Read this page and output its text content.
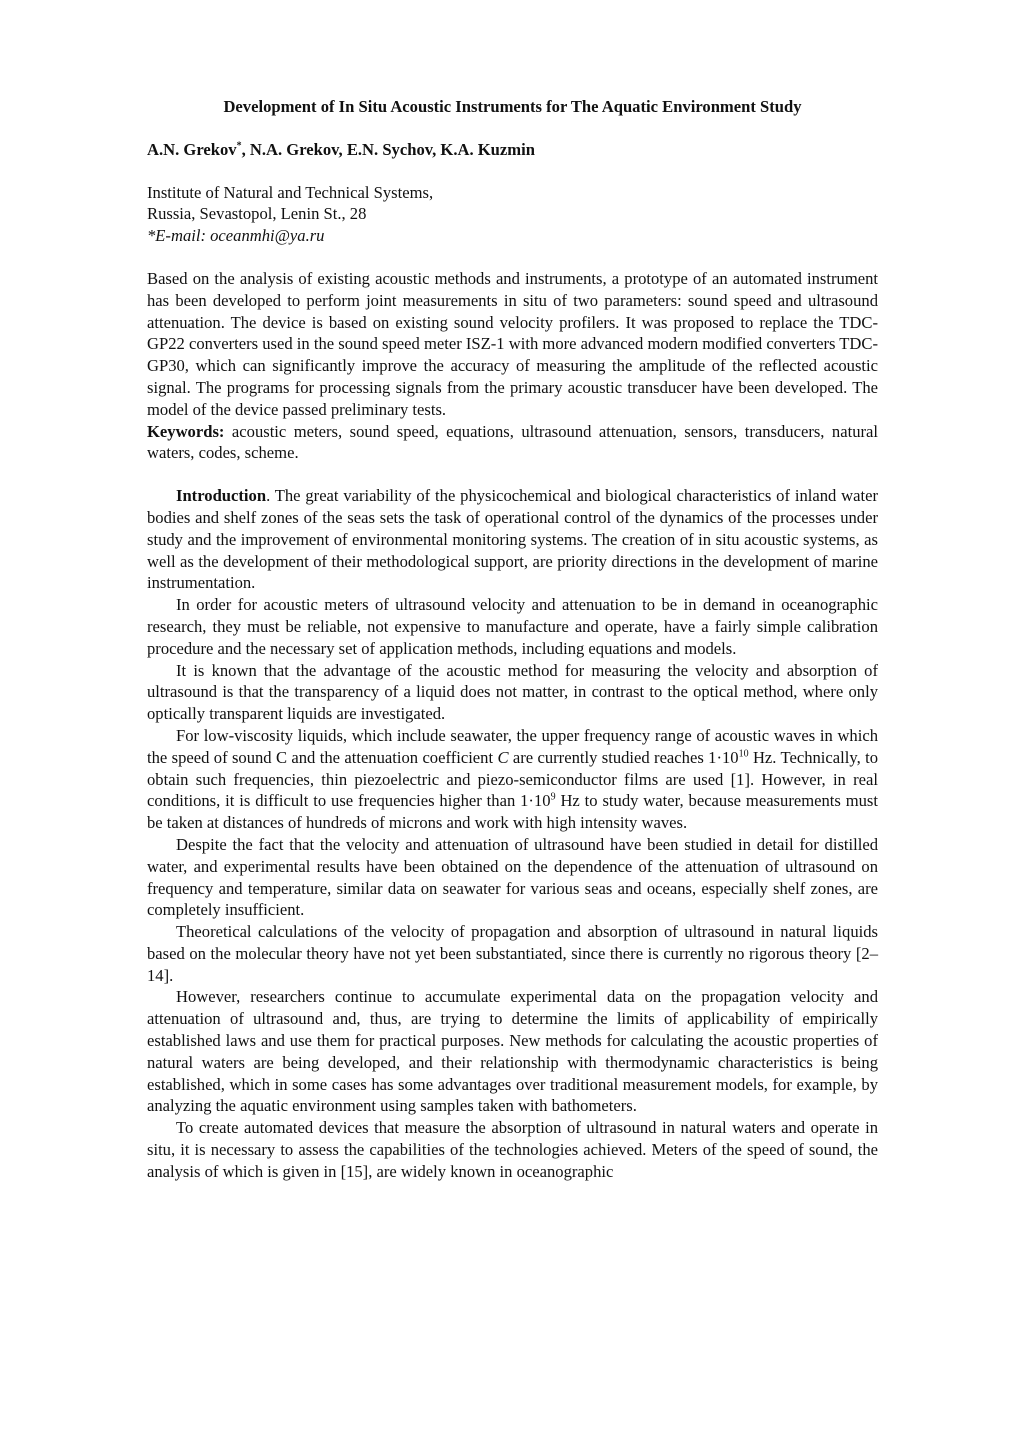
Development of In Situ Acoustic Instruments for The Aquatic Environment Study
A.N. Grekov*, N.A. Grekov, E.N. Sychov, K.A. Kuzmin

Institute of Natural and Technical Systems,

Russia, Sevastopol, Lenin St., 28

*E-mail: oceanmhi@ya.ru

Based on the analysis of existing acoustic methods and instruments, a prototype of an automated instrument has been developed to perform joint measurements in situ of two parameters: sound speed and ultrasound attenuation. The device is based on existing sound velocity profilers. It was proposed to replace the TDC-GP22 converters used in the sound speed meter ISZ-1 with more advanced modern modified converters TDC-GP30, which can significantly improve the accuracy of measuring the amplitude of the reflected acoustic signal. The programs for processing signals from the primary acoustic transducer have been developed. The model of the device passed preliminary tests.

Keywords: acoustic meters, sound speed, equations, ultrasound attenuation, sensors, transducers, natural waters, codes, scheme.

Introduction. The great variability of the physicochemical and biological characteristics of inland water bodies and shelf zones of the seas sets the task of operational control of the dynamics of the processes under study and the improvement of environmental monitoring systems. The creation of in situ acoustic systems, as well as the development of their methodological support, are priority directions in the development of marine instrumentation.

In order for acoustic meters of ultrasound velocity and attenuation to be in demand in oceanographic research, they must be reliable, not expensive to manufacture and operate, have a fairly simple calibration procedure and the necessary set of application methods, including equations and models.

It is known that the advantage of the acoustic method for measuring the velocity and absorption of ultrasound is that the transparency of a liquid does not matter, in contrast to the optical method, where only optically transparent liquids are investigated.

For low-viscosity liquids, which include seawater, the upper frequency range of acoustic waves in which the speed of sound C and the attenuation coefficient C are currently studied reaches $1\cdot 10^{10}$ Hz. Technically, to obtain such frequencies, thin piezoelectric and piezo-semiconductor films are used [1]. However, in real conditions, it is difficult to use frequencies higher than $1\cdot 10^9$ Hz to study water, because measurements must be taken at distances of hundreds of microns and work with high intensity waves.

Despite the fact that the velocity and attenuation of ultrasound have been studied in detail for distilled water, and experimental results have been obtained on the dependence of the attenuation of ultrasound on frequency and temperature, similar data on seawater for various seas and oceans, especially shelf zones, are completely insufficient.

Theoretical calculations of the velocity of propagation and absorption of ultrasound in natural liquids based on the molecular theory have not yet been substantiated, since there is currently no rigorous theory [2–14].

However, researchers continue to accumulate experimental data on the propagation velocity and attenuation of ultrasound and, thus, are trying to determine the limits of applicability of empirically established laws and use them for practical purposes. New methods for calculating the acoustic properties of natural waters are being developed, and their relationship with thermodynamic characteristics is being established, which in some cases has some advantages over traditional measurement models, for example, by analyzing the aquatic environment using samples taken with bathometers.

To create automated devices that measure the absorption of ultrasound in natural waters and operate in situ, it is necessary to assess the capabilities of the technologies achieved. Meters of the speed of sound, the analysis of which is given in [15], are widely known in oceanographic
